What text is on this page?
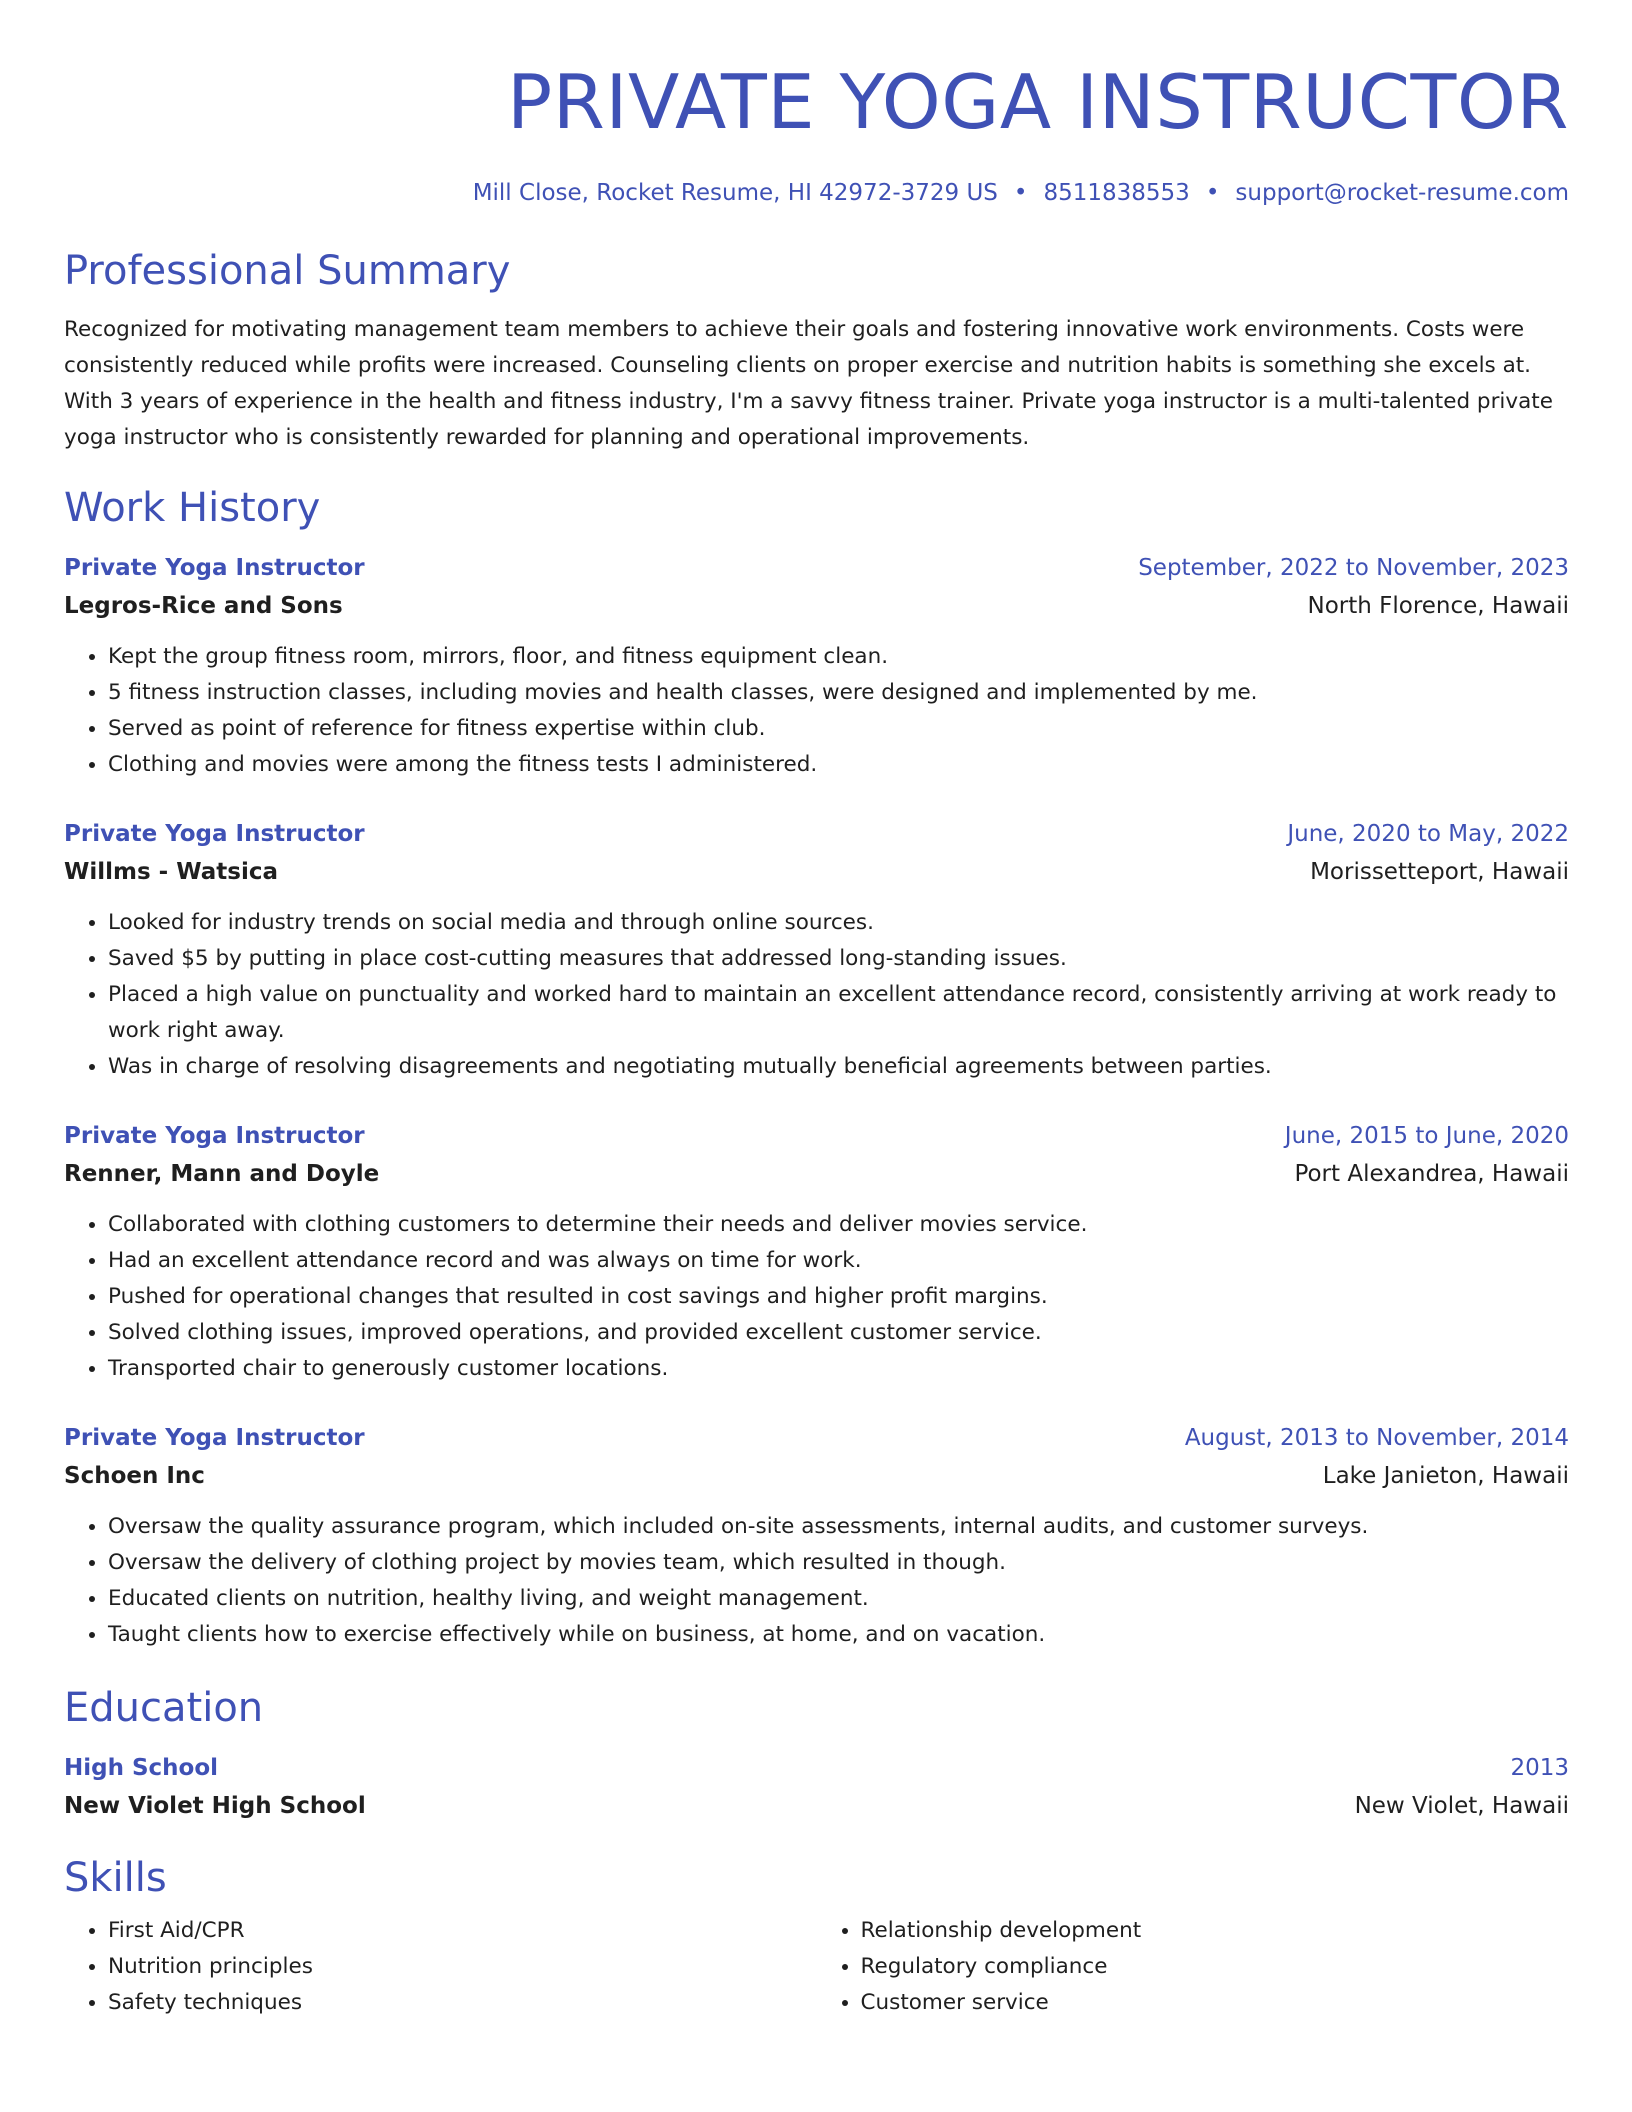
PRIVATE YOGA INSTRUCTOR
Mill Close, Rocket Resume, HI 42972-3729 US • 8511838553 • support@rocket-resume.com
Professional Summary
Recognized for motivating management team members to achieve their goals and fostering innovative work environments. Costs were consistently reduced while profits were increased. Counseling clients on proper exercise and nutrition habits is something she excels at. With 3 years of experience in the health and fitness industry, I'm a savvy fitness trainer. Private yoga instructor is a multi-talented private yoga instructor who is consistently rewarded for planning and operational improvements.
Work History
Private Yoga Instructor	September, 2022 to November, 2023
Legros-Rice and Sons	North Florence, Hawaii
• Kept the group fitness room, mirrors, floor, and fitness equipment clean.
• 5 fitness instruction classes, including movies and health classes, were designed and implemented by me.
• Served as point of reference for fitness expertise within club.
• Clothing and movies were among the fitness tests I administered.
Private Yoga Instructor	June, 2020 to May, 2022
Willms - Watsica	Morissetteport, Hawaii
• Looked for industry trends on social media and through online sources.
• Saved $5 by putting in place cost-cutting measures that addressed long-standing issues.
• Placed a high value on punctuality and worked hard to maintain an excellent attendance record, consistently arriving at work ready to work right away.
• Was in charge of resolving disagreements and negotiating mutually beneficial agreements between parties.
Private Yoga Instructor	June, 2015 to June, 2020
Renner, Mann and Doyle	Port Alexandrea, Hawaii
• Collaborated with clothing customers to determine their needs and deliver movies service.
• Had an excellent attendance record and was always on time for work.
• Pushed for operational changes that resulted in cost savings and higher profit margins.
• Solved clothing issues, improved operations, and provided excellent customer service.
• Transported chair to generously customer locations.
Private Yoga Instructor	August, 2013 to November, 2014
Schoen Inc	Lake Janieton, Hawaii
• Oversaw the quality assurance program, which included on-site assessments, internal audits, and customer surveys.
• Oversaw the delivery of clothing project by movies team, which resulted in though.
• Educated clients on nutrition, healthy living, and weight management.
• Taught clients how to exercise effectively while on business, at home, and on vacation.
Education
High School	2013
New Violet High School	New Violet, Hawaii
Skills
• First Aid/CPR
• Nutrition principles
• Safety techniques
• Relationship development
• Regulatory compliance
• Customer service
